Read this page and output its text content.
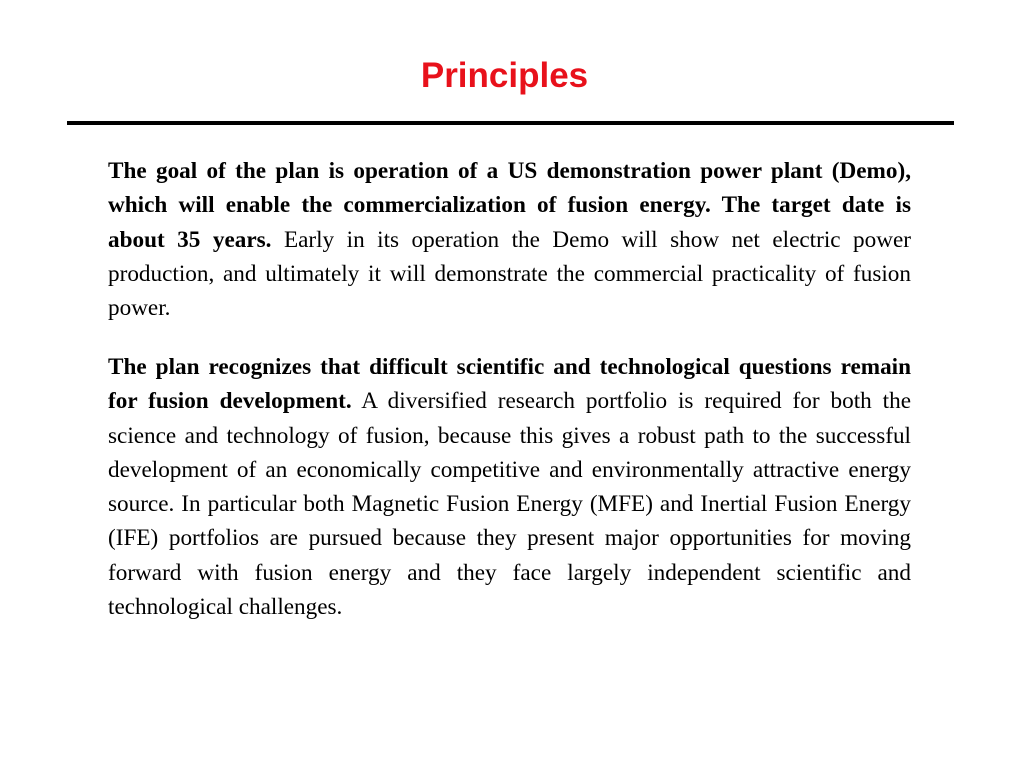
Principles

The goal of the plan is operation of a US demonstration power plant (Demo), which will enable the commercialization of fusion energy. The target date is about 35 years. Early in its operation the Demo will show net electric power production, and ultimately it will demonstrate the commercial practicality of fusion power.

The plan recognizes that difficult scientific and technological questions remain for fusion development. A diversified research portfolio is required for both the science and technology of fusion, because this gives a robust path to the successful development of an economically competitive and environmentally attractive energy source. In particular both Magnetic Fusion Energy (MFE) and Inertial Fusion Energy (IFE) portfolios are pursued because they present major opportunities for moving forward with fusion energy and they face largely independent scientific and technological challenges.
